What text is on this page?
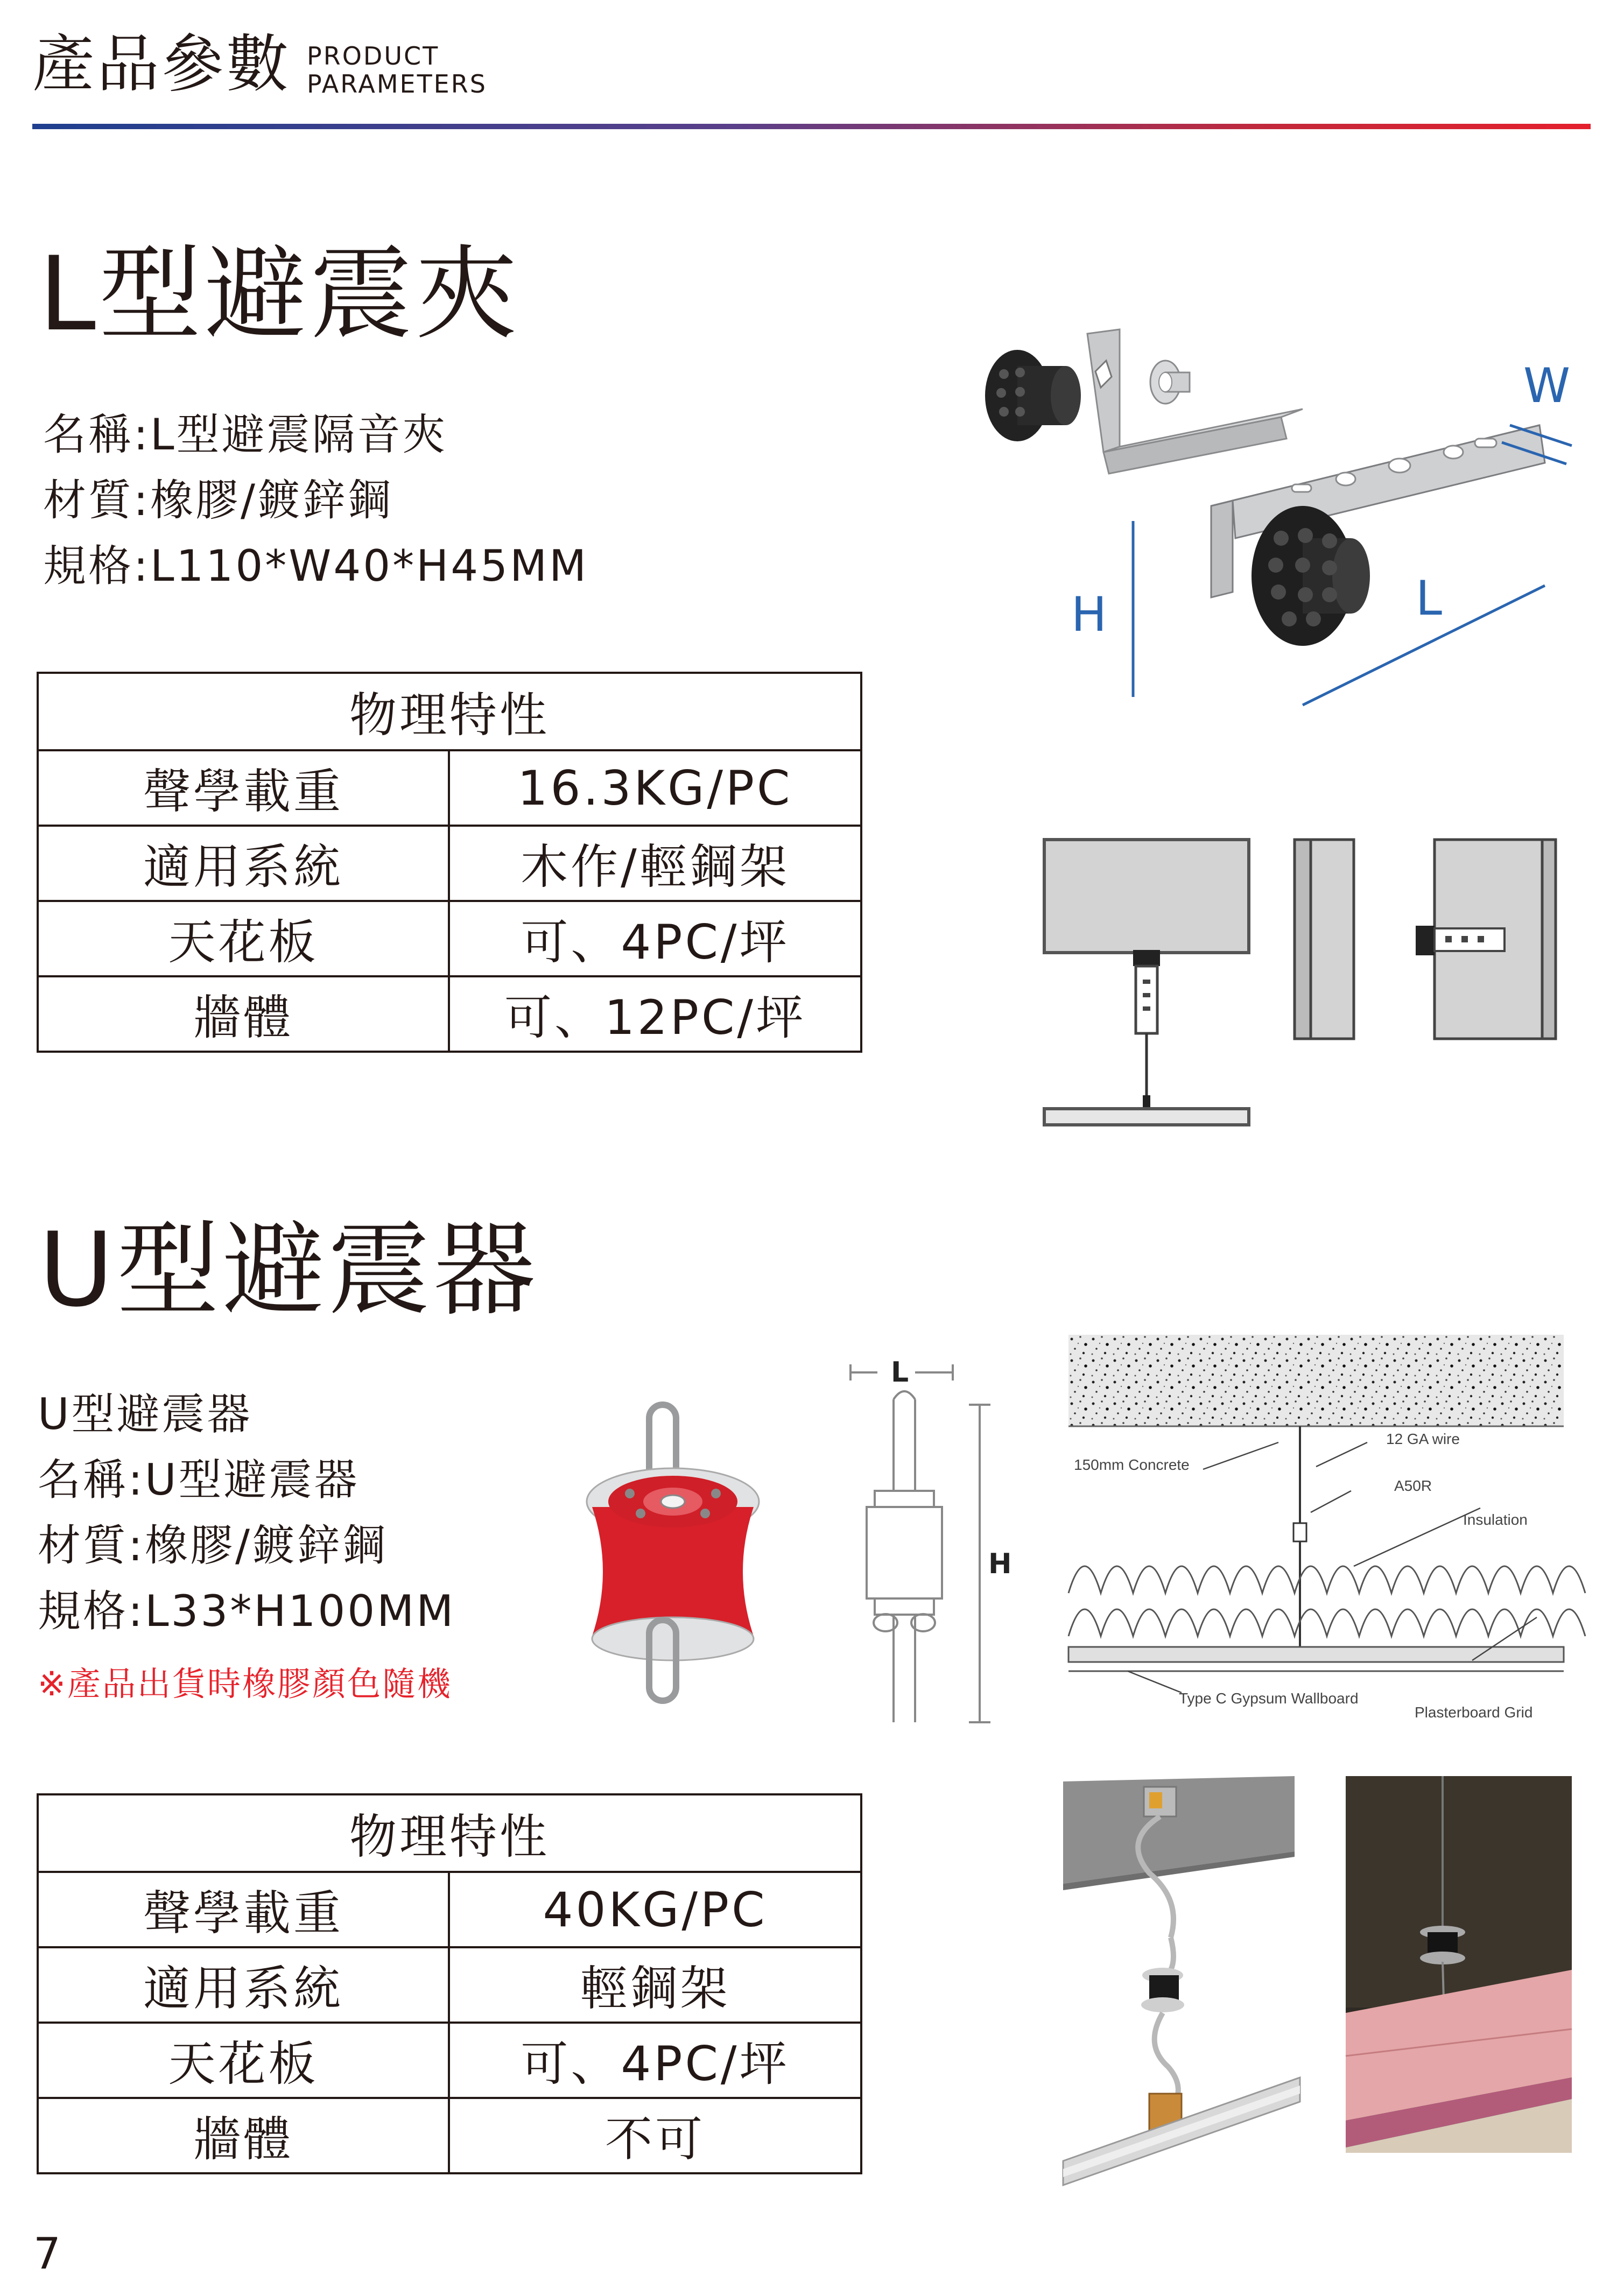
產品參數 PRODUCT
PARAMETERS
L型避震夾
名稱:L型避震隔音夾
材質:橡膠/鍍鋅鋼
規格:L110*W40*H45MM
物理特性	
聲學載重	16.3KG/PC
適用系統	木作/輕鋼架
天花板	可、4PC/坪
牆體	可、12PC/坪
W
H	L
U型避震器
U型避震器
名稱:U型避震器
材質:橡膠/鍍鋅鋼
規格:L33*H100MM
※產品出貨時橡膠顏色隨機
L
H
12 GA wire
150mm Concrete
A50R
Insulation
Type C Gypsum Wallboard
Plasterboard Grid
物理特性	
聲學載重	40KG/PC
適用系統	輕鋼架
天花板	可、4PC/坪
牆體	不可
7
